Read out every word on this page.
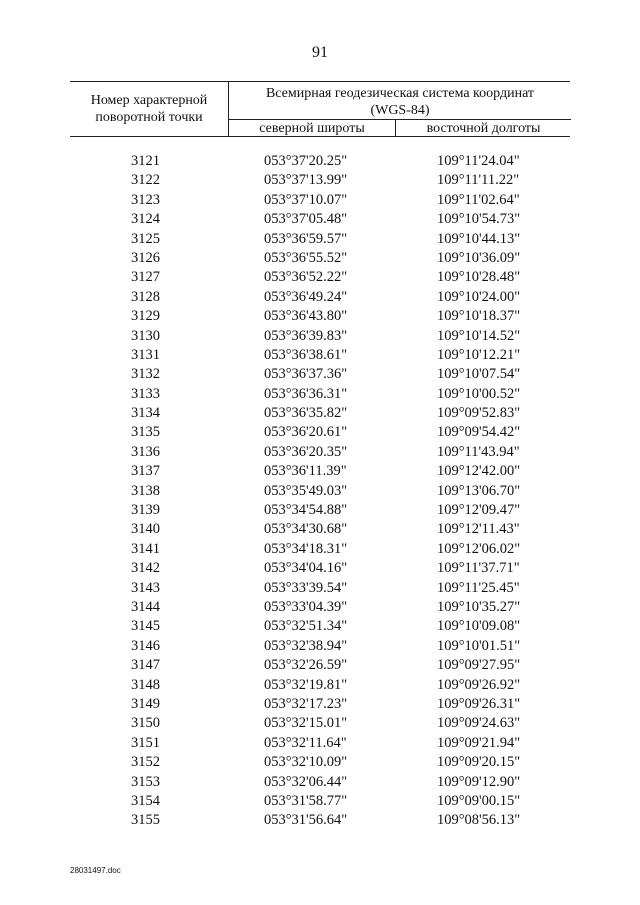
91
Номер характерной
поворотной точки
Всемирная геодезическая система координат
(WGS-84)
северной широты	восточной долготы
3121	053°37'20.25"	109°11'24.04"
3122	053°37'13.99"	109°11'11.22"
3123	053°37'10.07"	109°11'02.64"
3124	053°37'05.48"	109°10'54.73"
3125	053°36'59.57"	109°10'44.13"
3126	053°36'55.52"	109°10'36.09"
3127	053°36'52.22"	109°10'28.48"
3128	053°36'49.24"	109°10'24.00"
3129	053°36'43.80"	109°10'18.37"
3130	053°36'39.83"	109°10'14.52"
3131	053°36'38.61"	109°10'12.21"
3132	053°36'37.36"	109°10'07.54"
3133	053°36'36.31"	109°10'00.52"
3134	053°36'35.82"	109°09'52.83"
3135	053°36'20.61"	109°09'54.42"
3136	053°36'20.35"	109°11'43.94"
3137	053°36'11.39"	109°12'42.00"
3138	053°35'49.03"	109°13'06.70"
3139	053°34'54.88"	109°12'09.47"
3140	053°34'30.68"	109°12'11.43"
3141	053°34'18.31"	109°12'06.02"
3142	053°34'04.16"	109°11'37.71"
3143	053°33'39.54"	109°11'25.45"
3144	053°33'04.39"	109°10'35.27"
3145	053°32'51.34"	109°10'09.08"
3146	053°32'38.94"	109°10'01.51"
3147	053°32'26.59"	109°09'27.95"
3148	053°32'19.81"	109°09'26.92"
3149	053°32'17.23"	109°09'26.31"
3150	053°32'15.01"	109°09'24.63"
3151	053°32'11.64"	109°09'21.94"
3152	053°32'10.09"	109°09'20.15"
3153	053°32'06.44"	109°09'12.90"
3154	053°31'58.77"	109°09'00.15"
3155	053°31'56.64"	109°08'56.13"
28031497.doc
